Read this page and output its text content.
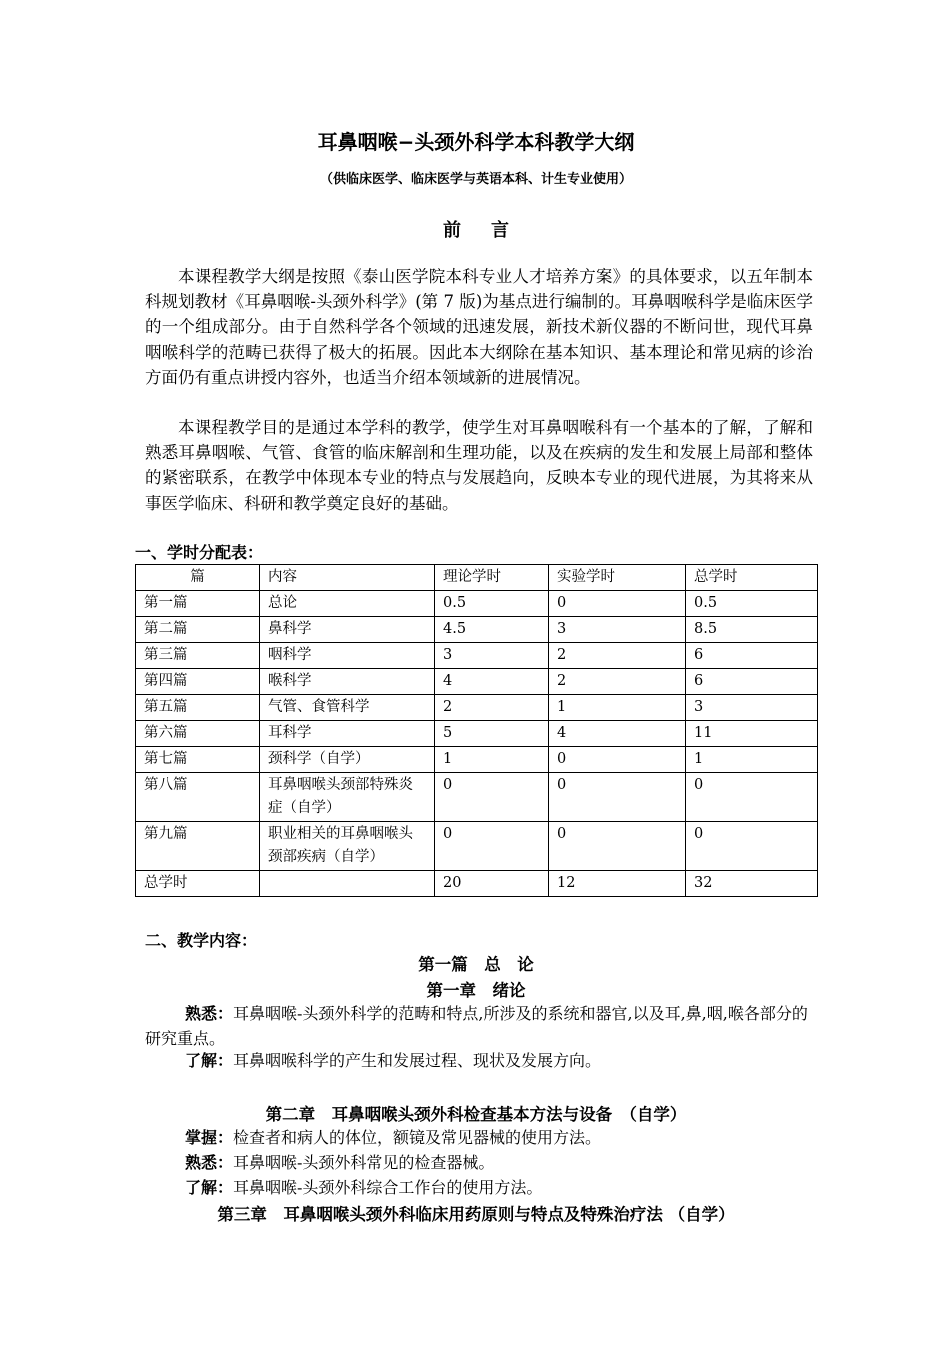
耳鼻咽喉−头颈外科学本科教学大纲
（供临床医学、临床医学与英语本科、计生专业使用）
前言

本课程教学大纲是按照《泰山医学院本科专业人才培养方案》的具体要求，以五年制本科规划教材《耳鼻咽喉-头颈外科学》(第 7 版)为基点进行编制的。耳鼻咽喉科学是临床医学的一个组成部分。由于自然科学各个领域的迅速发展，新技术新仪器的不断问世，现代耳鼻咽喉科学的范畴已获得了极大的拓展。因此本大纲除在基本知识、基本理论和常见病的诊治方面仍有重点讲授内容外，也适当介绍本领域新的进展情况。

本课程教学目的是通过本学科的教学，使学生对耳鼻咽喉科有一个基本的了解，了解和熟悉耳鼻咽喉、气管、食管的临床解剖和生理功能，以及在疾病的发生和发展上局部和整体的紧密联系，在教学中体现本专业的特点与发展趋向，反映本专业的现代进展，为其将来从事医学临床、科研和教学奠定良好的基础。

一、学时分配表：
篇	内容	理论学时	实验学时	总学时
第一篇	总论	0.5	0	0.5
第二篇	鼻科学	4.5	3	8.5
第三篇	咽科学	3	2	6
第四篇	喉科学	4	2	6
第五篇	气管、食管科学	2	1	3
第六篇	耳科学	5	4	11
第七篇	颈科学（自学）	1	0	1
第八篇	耳鼻咽喉头颈部特殊炎症（自学）	0	0	0
第九篇	职业相关的耳鼻咽喉头颈部疾病（自学）	0	0	0
总学时		20	12	32
二、教学内容：
第一篇　总　论
第一章　绪论

熟悉：耳鼻咽喉-头颈外科学的范畴和特点,所涉及的系统和器官,以及耳,鼻,咽,喉各部分的研究重点。

了解：耳鼻咽喉科学的产生和发展过程、现状及发展方向。

第二章　耳鼻咽喉头颈外科检查基本方法与设备　（自学）

掌握：检查者和病人的体位，额镜及常见器械的使用方法。

熟悉：耳鼻咽喉-头颈外科常见的检查器械。

了解：耳鼻咽喉-头颈外科综合工作台的使用方法。

第三章　耳鼻咽喉头颈外科临床用药原则与特点及特殊治疗法 （自学）
